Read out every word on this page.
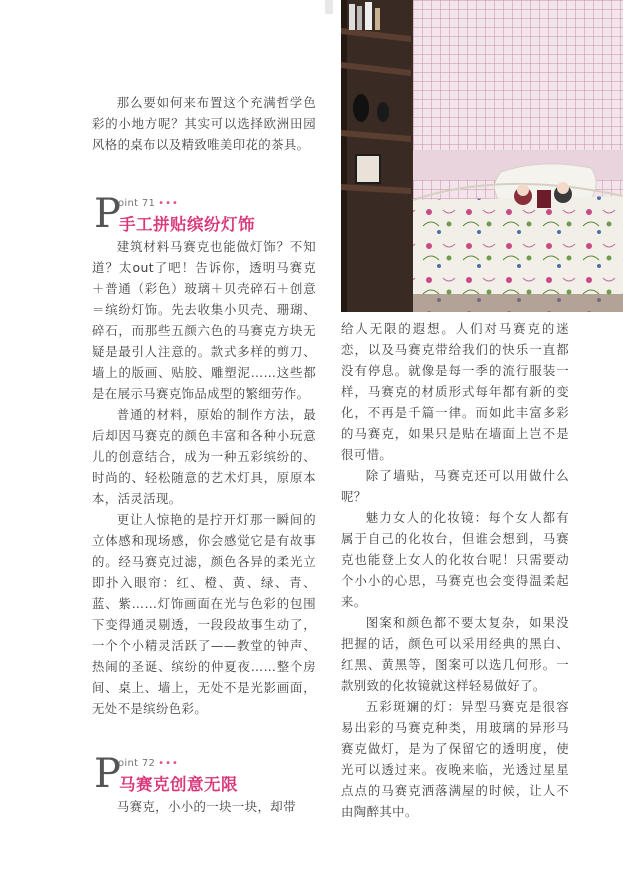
那么要如何来布置这个充满哲学色彩的小地方呢？其实可以选择欧洲田园风格的桌布以及精致唯美印花的茶具。

P
oint 71 •••
手工拼贴缤纷灯饰

建筑材料马赛克也能做灯饰？不知道？太out了吧！告诉你，透明马赛克＋普通（彩色）玻璃＋贝壳碎石＋创意＝缤纷灯饰。先去收集小贝壳、珊瑚、碎石，而那些五颜六色的马赛克方块无疑是最引人注意的。款式多样的剪刀、墙上的版画、贴胶、雕塑泥……这些都是在展示马赛克饰品成型的繁细劳作。

普通的材料，原始的制作方法，最后却因马赛克的颜色丰富和各种小玩意儿的创意结合，成为一种五彩缤纷的、时尚的、轻松随意的艺术灯具，原原本本，活灵活现。

更让人惊艳的是拧开灯那一瞬间的立体感和现场感，你会感觉它是有故事的。经马赛克过滤，颜色各异的柔光立即扑入眼帘：红、橙、黄、绿、青、蓝、紫……灯饰画面在光与色彩的包围下变得通灵剔透，一段段故事生动了，一个个小精灵活跃了——教堂的钟声、热闹的圣诞、缤纷的仲夏夜……整个房间、桌上、墙上，无处不是光影画面，无处不是缤纷色彩。

P
oint 72 •••
马赛克创意无限

马赛克，小小的一块一块，却带

给人无限的遐想。人们对马赛克的迷恋，以及马赛克带给我们的快乐一直都没有停息。就像是每一季的流行服装一样，马赛克的材质形式每年都有新的变化，不再是千篇一律。而如此丰富多彩的马赛克，如果只是贴在墙面上岂不是很可惜。

除了墙贴，马赛克还可以用做什么呢？

魅力女人的化妆镜：每个女人都有属于自己的化妆台，但谁会想到，马赛克也能登上女人的化妆台呢！只需要动个小小的心思，马赛克也会变得温柔起来。

图案和颜色都不要太复杂，如果没把握的话，颜色可以采用经典的黑白、红黑、黄黑等，图案可以选几何形。一款别致的化妆镜就这样轻易做好了。

五彩斑斓的灯：异型马赛克是很容易出彩的马赛克种类，用玻璃的异形马赛克做灯，是为了保留它的透明度，使光可以透过来。夜晚来临，光透过星星点点的马赛克洒落满屋的时候，让人不由陶醉其中。
